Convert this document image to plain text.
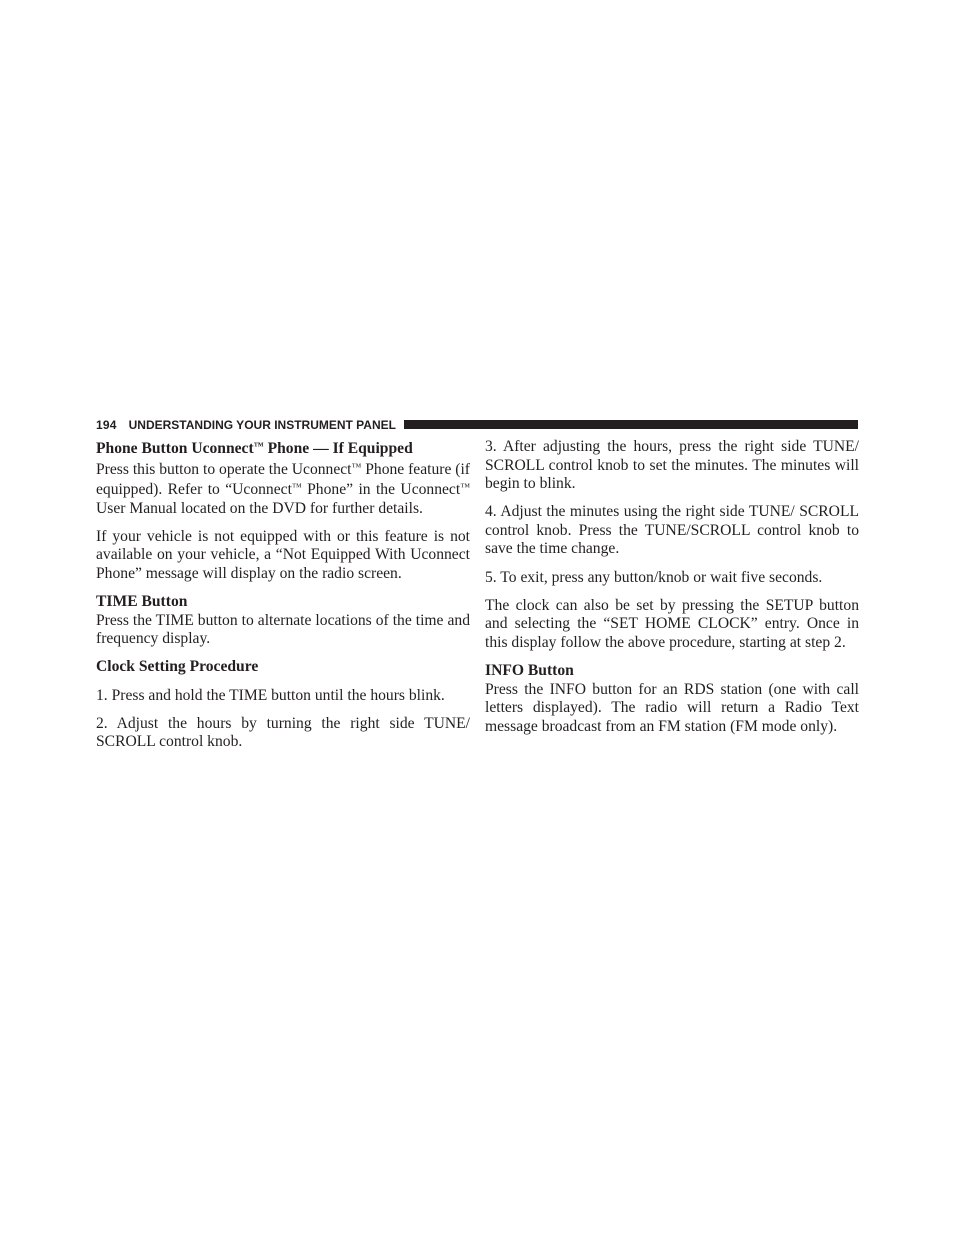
194 UNDERSTANDING YOUR INSTRUMENT PANEL
Phone Button Uconnect™ Phone — If Equipped

Press this button to operate the Uconnect™ Phone feature (if equipped). Refer to “Uconnect™ Phone” in the Uconnect™ User Manual located on the DVD for further details.

If your vehicle is not equipped with or this feature is not available on your vehicle, a “Not Equipped With Uconnect Phone” message will display on the radio screen.

TIME Button

Press the TIME button to alternate locations of the time and frequency display.

Clock Setting Procedure

1. Press and hold the TIME button until the hours blink.

2. Adjust the hours by turning the right side TUNE/ SCROLL control knob.

3. After adjusting the hours, press the right side TUNE/ SCROLL control knob to set the minutes. The minutes will begin to blink.

4. Adjust the minutes using the right side TUNE/ SCROLL control knob. Press the TUNE/SCROLL control knob to save the time change.

5. To exit, press any button/knob or wait five seconds.

The clock can also be set by pressing the SETUP button and selecting the “SET HOME CLOCK” entry. Once in this display follow the above procedure, starting at step 2.

INFO Button

Press the INFO button for an RDS station (one with call letters displayed). The radio will return a Radio Text message broadcast from an FM station (FM mode only).
